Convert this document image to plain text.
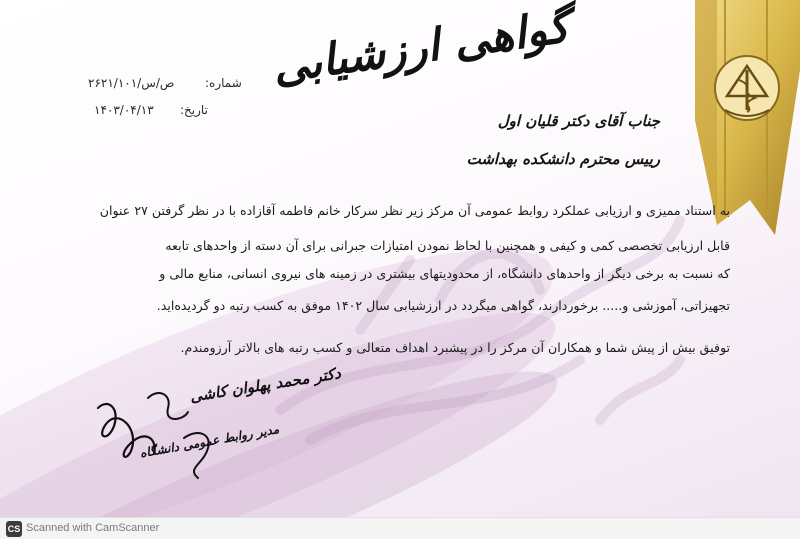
گواهی ارزشیابی
شماره:
۲۶۲۱/ص/س/۱۰۱
تاریخ:
۱۴۰۳/۰۴/۱۳
جناب آقای دکتر قلیان اول
رییس محترم دانشکده بهداشت
به استناد ممیزی و ارزیابی عملکرد روابط عمومی آن مرکز زیر نظر سرکار خانم فاطمه آقازاده با در نظر گرفتن ۲۷ عنوان
قابل ارزیابی تخصصی کمی و کیفی و همچنین با لحاظ نمودن امتیازات جبرانی برای آن دسته از واحدهای تابعه
که نسبت به برخی دیگر از واحدهای دانشگاه، از محدودیتهای بیشتری در زمینه های نیروی انسانی، منابع مالی و
تجهیزاتی، آموزشی و..... برخوردارند، گواهی میگردد در ارزشیابی سال ۱۴۰۲ موفق به کسب رتبه دو گردیده‌اید.
توفیق بیش از پیش شما و همکاران آن مرکز را در پیشبرد اهداف متعالی و کسب رتبه های بالاتر آرزومندم.
دکتر محمد پهلوان کاشی
مدیر روابط عمومی دانشگاه
CS Scanned with CamScanner
